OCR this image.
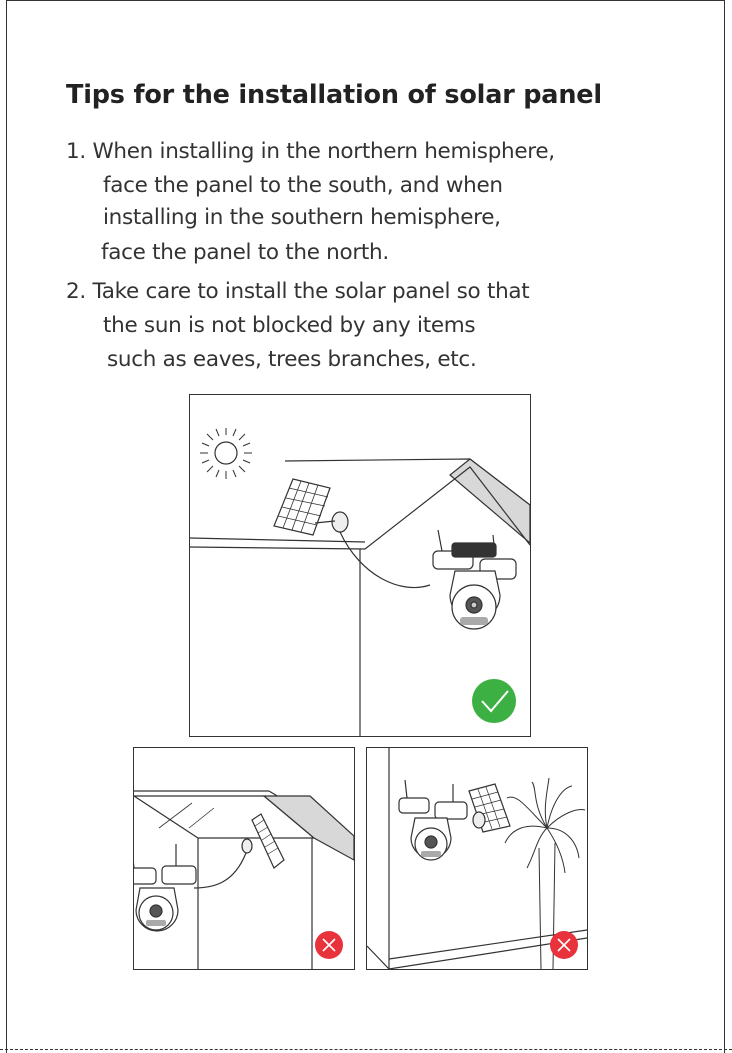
Tips for the installation of solar panel
1. When installing in the northern hemisphere,
face the panel to the south, and when
installing in the southern hemisphere,
face the panel to the north.
2. Take care to install the solar panel so that
the sun is not blocked by any items
such as eaves, trees branches, etc.
